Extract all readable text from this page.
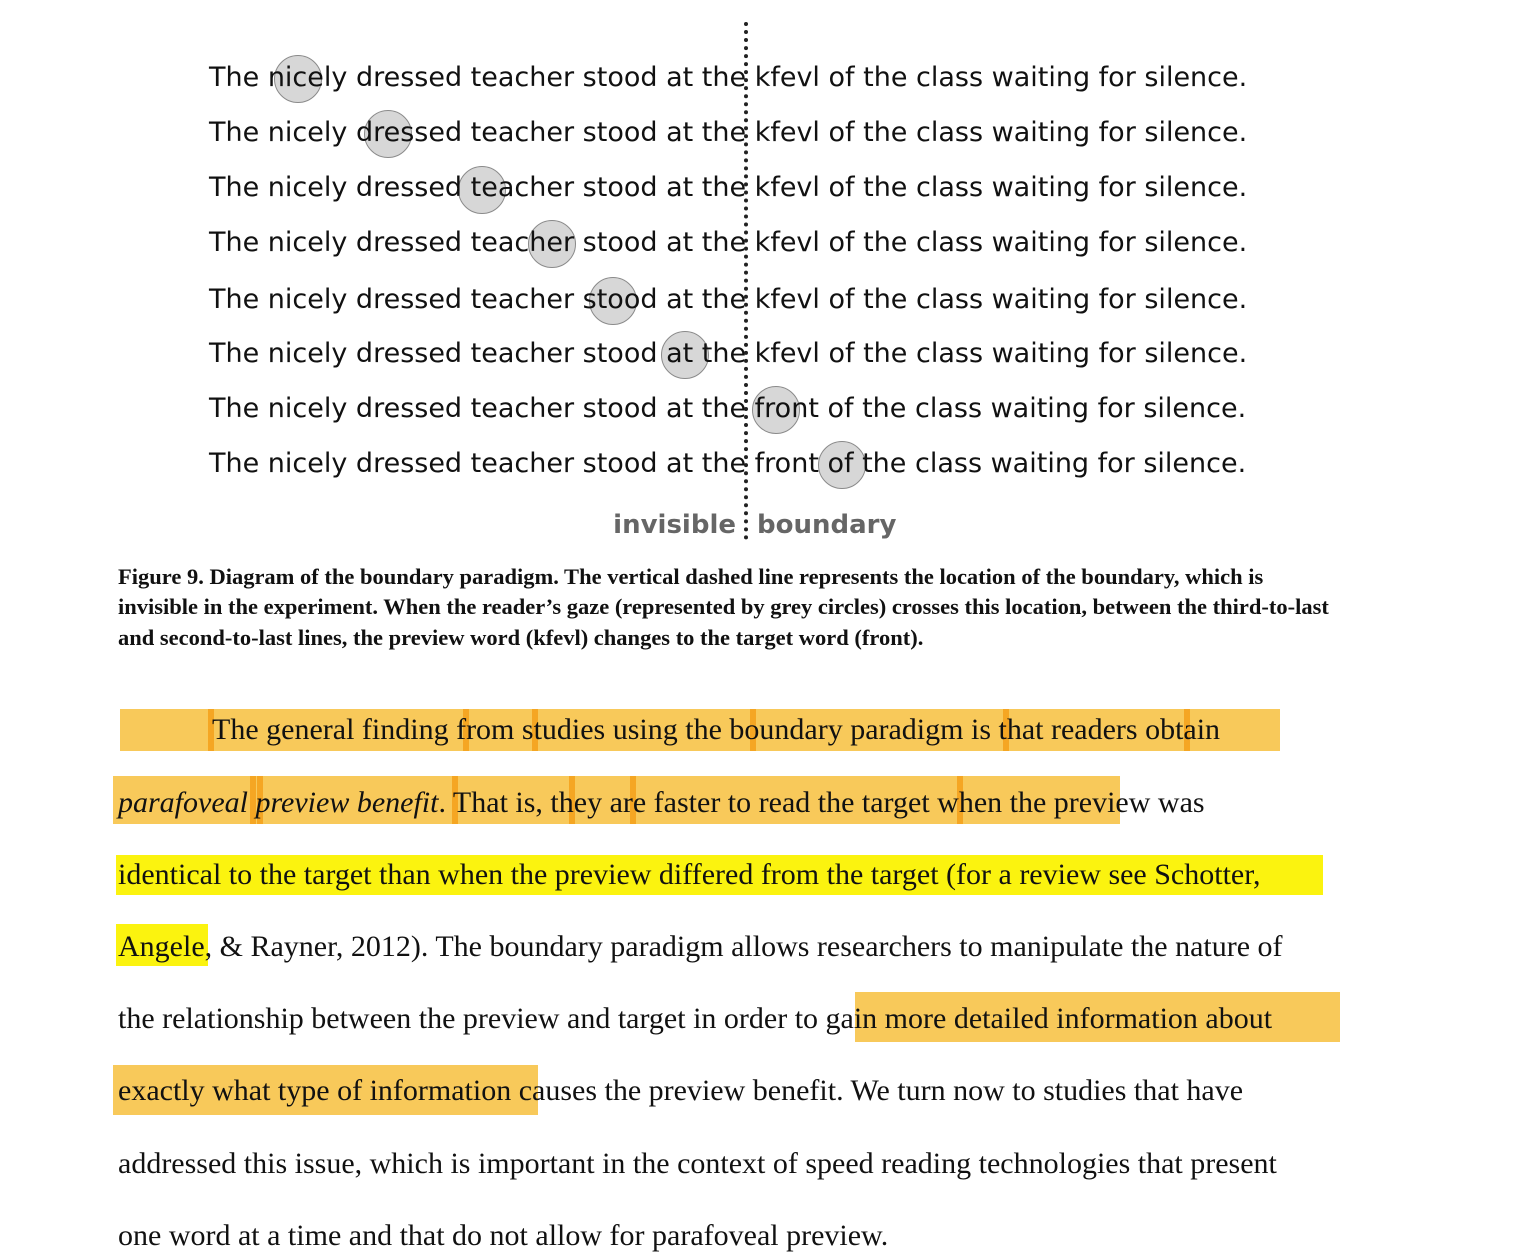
The nicely dressed teacher stood at the kfevl of the class waiting for silence.
The nicely dressed teacher stood at the kfevl of the class waiting for silence.
The nicely dressed teacher stood at the kfevl of the class waiting for silence.
The nicely dressed teacher stood at the kfevl of the class waiting for silence.
The nicely dressed teacher stood at the kfevl of the class waiting for silence.
The nicely dressed teacher stood at the kfevl of the class waiting for silence.
The nicely dressed teacher stood at the front of the class waiting for silence.
The nicely dressed teacher stood at the front of the class waiting for silence.
invisible boundary
Figure 9. Diagram of the boundary paradigm. The vertical dashed line represents the location of the boundary, which is invisible in the experiment. When the reader’s gaze (represented by grey circles) crosses this location, between the third-to-last and second-to-last lines, the preview word (kfevl) changes to the target word (front).
The general finding from studies using the boundary paradigm is that readers obtain
parafoveal preview benefit. That is, they are faster to read the target when the preview was
identical to the target than when the preview differed from the target (for a review see Schotter,
Angele, & Rayner, 2012). The boundary paradigm allows researchers to manipulate the nature of
the relationship between the preview and target in order to gain more detailed information about
exactly what type of information causes the preview benefit. We turn now to studies that have
addressed this issue, which is important in the context of speed reading technologies that present
one word at a time and that do not allow for parafoveal preview.
